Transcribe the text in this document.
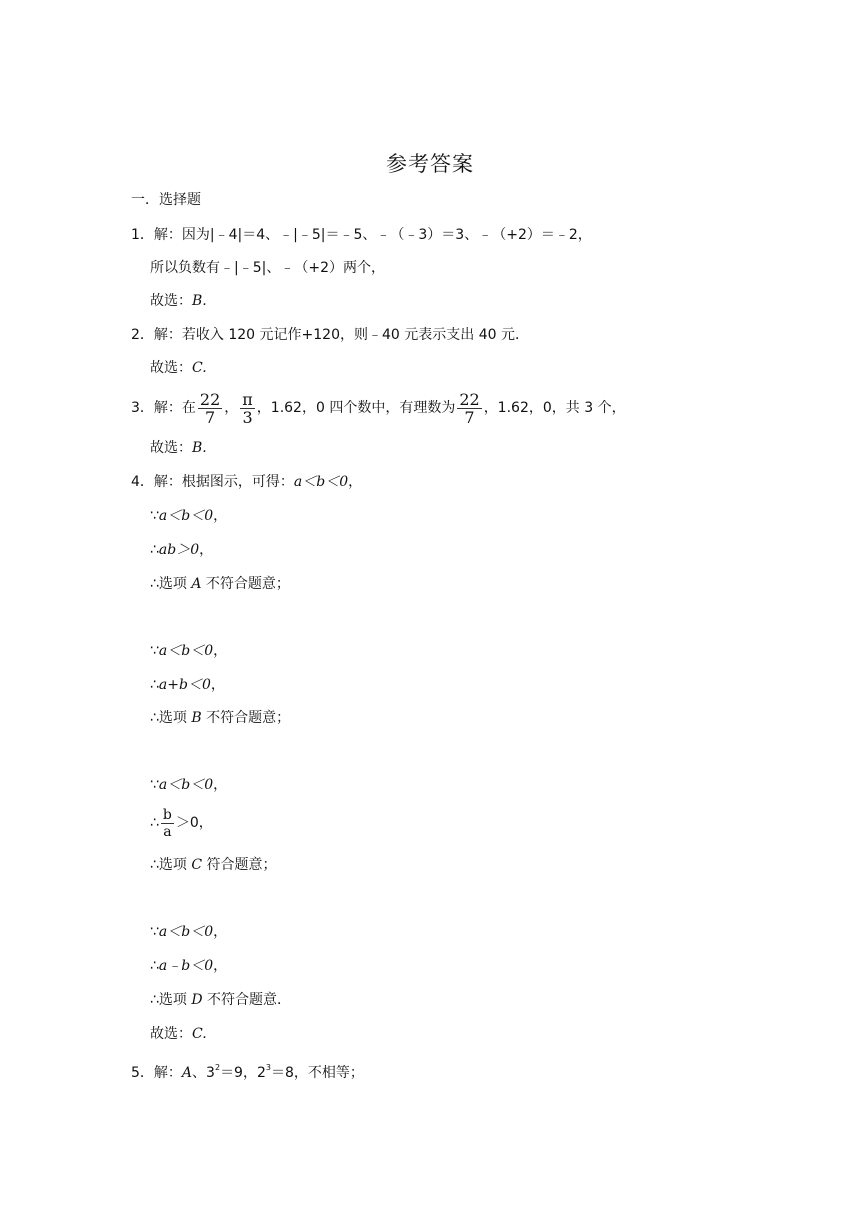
参考答案
一．选择题
1．解：因为|﹣4|＝4、﹣|﹣5|＝﹣5、﹣（﹣3）＝3、﹣（+2）＝﹣2，
所以负数有﹣|﹣5|、﹣（+2）两个，
故选：B.
2．解：若收入 120 元记作+120，则﹣40 元表示支出 40 元．
故选：C.
3．解：在 $\frac{22}{7}$ ， $\frac{\pi}{3}$ ，1.62，0 四个数中，有理数为 $\frac{22}{7}$ ，1.62，0，共 3 个，
故选：B.
4．解：根据图示，可得：a＜b＜0，
∵a＜b＜0，
∴ab＞0，
∴选项 A 不符合题意；
∵a＜b＜0，
∴a+b＜0，
∴选项 B 不符合题意；
∵a＜b＜0，
∴ $\frac{b}{a} >0$，
∴选项 C 符合题意；
∵a＜b＜0，
∴a﹣b＜0，
∴选项 D 不符合题意．
故选：C.
5．解：A、$3^2=9$，$2^3=8$，不相等；
